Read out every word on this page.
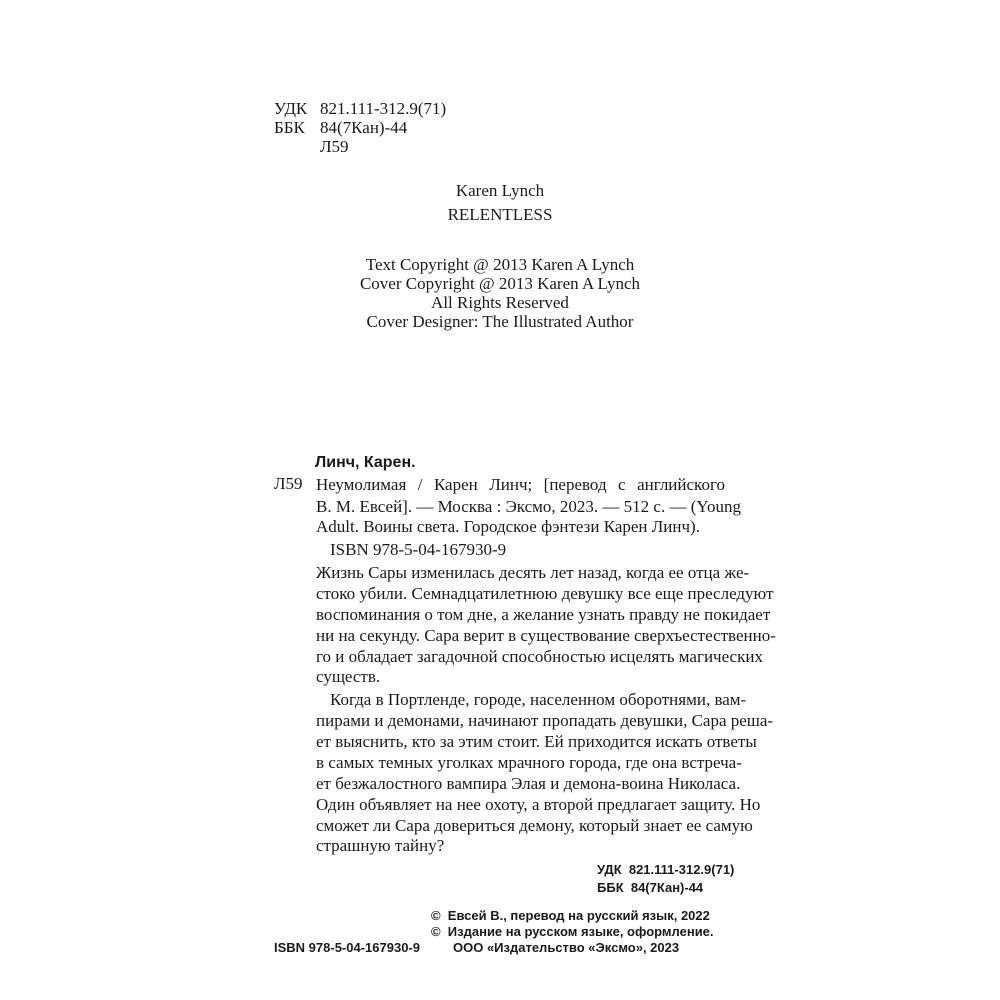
УДК 821.111-312.9(71)
ББК 84(7Кан)-44
Л59
Karen Lynch
RELENTLESS
Text Copyright @ 2013 Karen A Lynch
Cover Copyright @ 2013 Karen A Lynch
All Rights Reserved
Cover Designer: The Illustrated Author
Линч, Карен.
Л59 Неумолимая / Карен Линч; [перевод с английского
В. М. Евсей]. — Москва : Эксмо, 2023. — 512 с. — (Young
Adult. Воины света. Городское фэнтези Карен Линч).
ISBN 978-5-04-167930-9
Жизнь Сары изменилась десять лет назад, когда ее отца же-
стоко убили. Семнадцатилетнюю девушку все еще преследуют
воспоминания о том дне, а желание узнать правду не покидает
ни на секунду. Сара верит в существование сверхъестественно-
го и обладает загадочной способностью исцелять магических
существ.
Когда в Портленде, городе, населенном оборотнями, вам-
пирами и демонами, начинают пропадать девушки, Сара реша-
ет выяснить, кто за этим стоит. Ей приходится искать ответы
в самых темных уголках мрачного города, где она встреча-
ет безжалостного вампира Элая и демона-воина Николаса.
Один объявляет на нее охоту, а второй предлагает защиту. Но
сможет ли Сара довериться демону, который знает ее самую
страшную тайну?
УДК  821.111-312.9(71)
ББК  84(7Кан)-44
ISBN 978-5-04-167930-9
©  Евсей В., перевод на русский язык, 2022
©  Издание на русском языке, оформление.
ООО «Издательство «Эксмо», 2023
